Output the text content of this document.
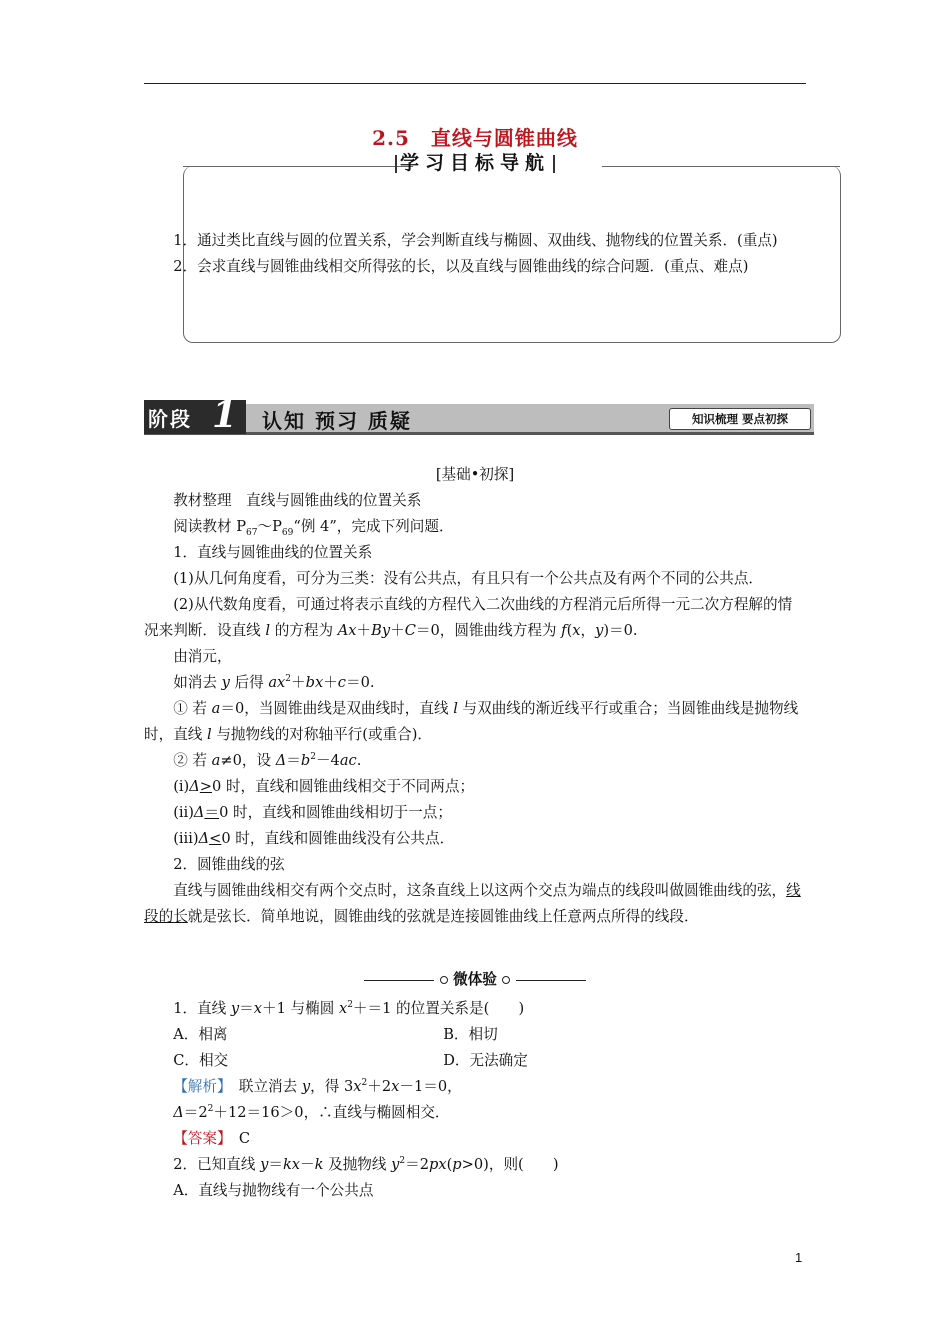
2.5　直线与圆锥曲线
学习目标导航
1．通过类比直线与圆的位置关系，学会判断直线与椭圆、双曲线、抛物线的位置关系．(重点)
2．会求直线与圆锥曲线相交所得弦的长，以及直线与圆锥曲线的综合问题．(重点、难点)
阶段 1 认知 预习 质疑	知识梳理 要点初探
[基础•初探]
教材整理　直线与圆锥曲线的位置关系
阅读教材 $P_{67}\sim P_{69}“$例 4”，完成下列问题．
1．直线与圆锥曲线的位置关系
(1)从几何角度看，可分为三类：没有公共点，有且只有一个公共点及有两个不同的公共点．
(2)从代数角度看，可通过将表示直线的方程代入二次曲线的方程消元后所得一元二次方程解的情况来判断．设直线 l 的方程为 Ax＋By＋C＝0，圆锥曲线方程为 f(x，y)＝0.
由消元，
如消去 y 后得 $ax^2+bx+c=0$.
① 若 a＝0，当圆锥曲线是双曲线时，直线 l 与双曲线的渐近线平行或重合；当圆锥曲线是抛物线时，直线 l 与抛物线的对称轴平行(或重合)．
② 若 a≠0，设 $\Delta=b^2-4ac$.
(ⅰ)Δ>0 时，直线和圆锥曲线相交于不同两点；
(ⅱ)Δ＝0 时，直线和圆锥曲线相切于一点；
(ⅲ)Δ<0 时，直线和圆锥曲线没有公共点．
2．圆锥曲线的弦
直线与圆锥曲线相交有两个交点时，这条直线上以这两个交点为端点的线段叫做圆锥曲线的弦，线段的长就是弦长．简单地说，圆锥曲线的弦就是连接圆锥曲线上任意两点所得的线段．
微体验
1．直线 y＝x＋1 与椭圆 $x^2+=1$ 的位置关系是(　　)
A．相离	B．相切
C．相交	D．无法确定
【解析】　联立消去 y，得 $3x^2+2x-1=0$，
$\Delta=2^2+12=16>0$，∴直线与椭圆相交．
【答案】　 C
2．已知直线 y＝kx－k 及抛物线 $y^2=2px(p>0)$，则(　　)
A．直线与抛物线有一个公共点
1
